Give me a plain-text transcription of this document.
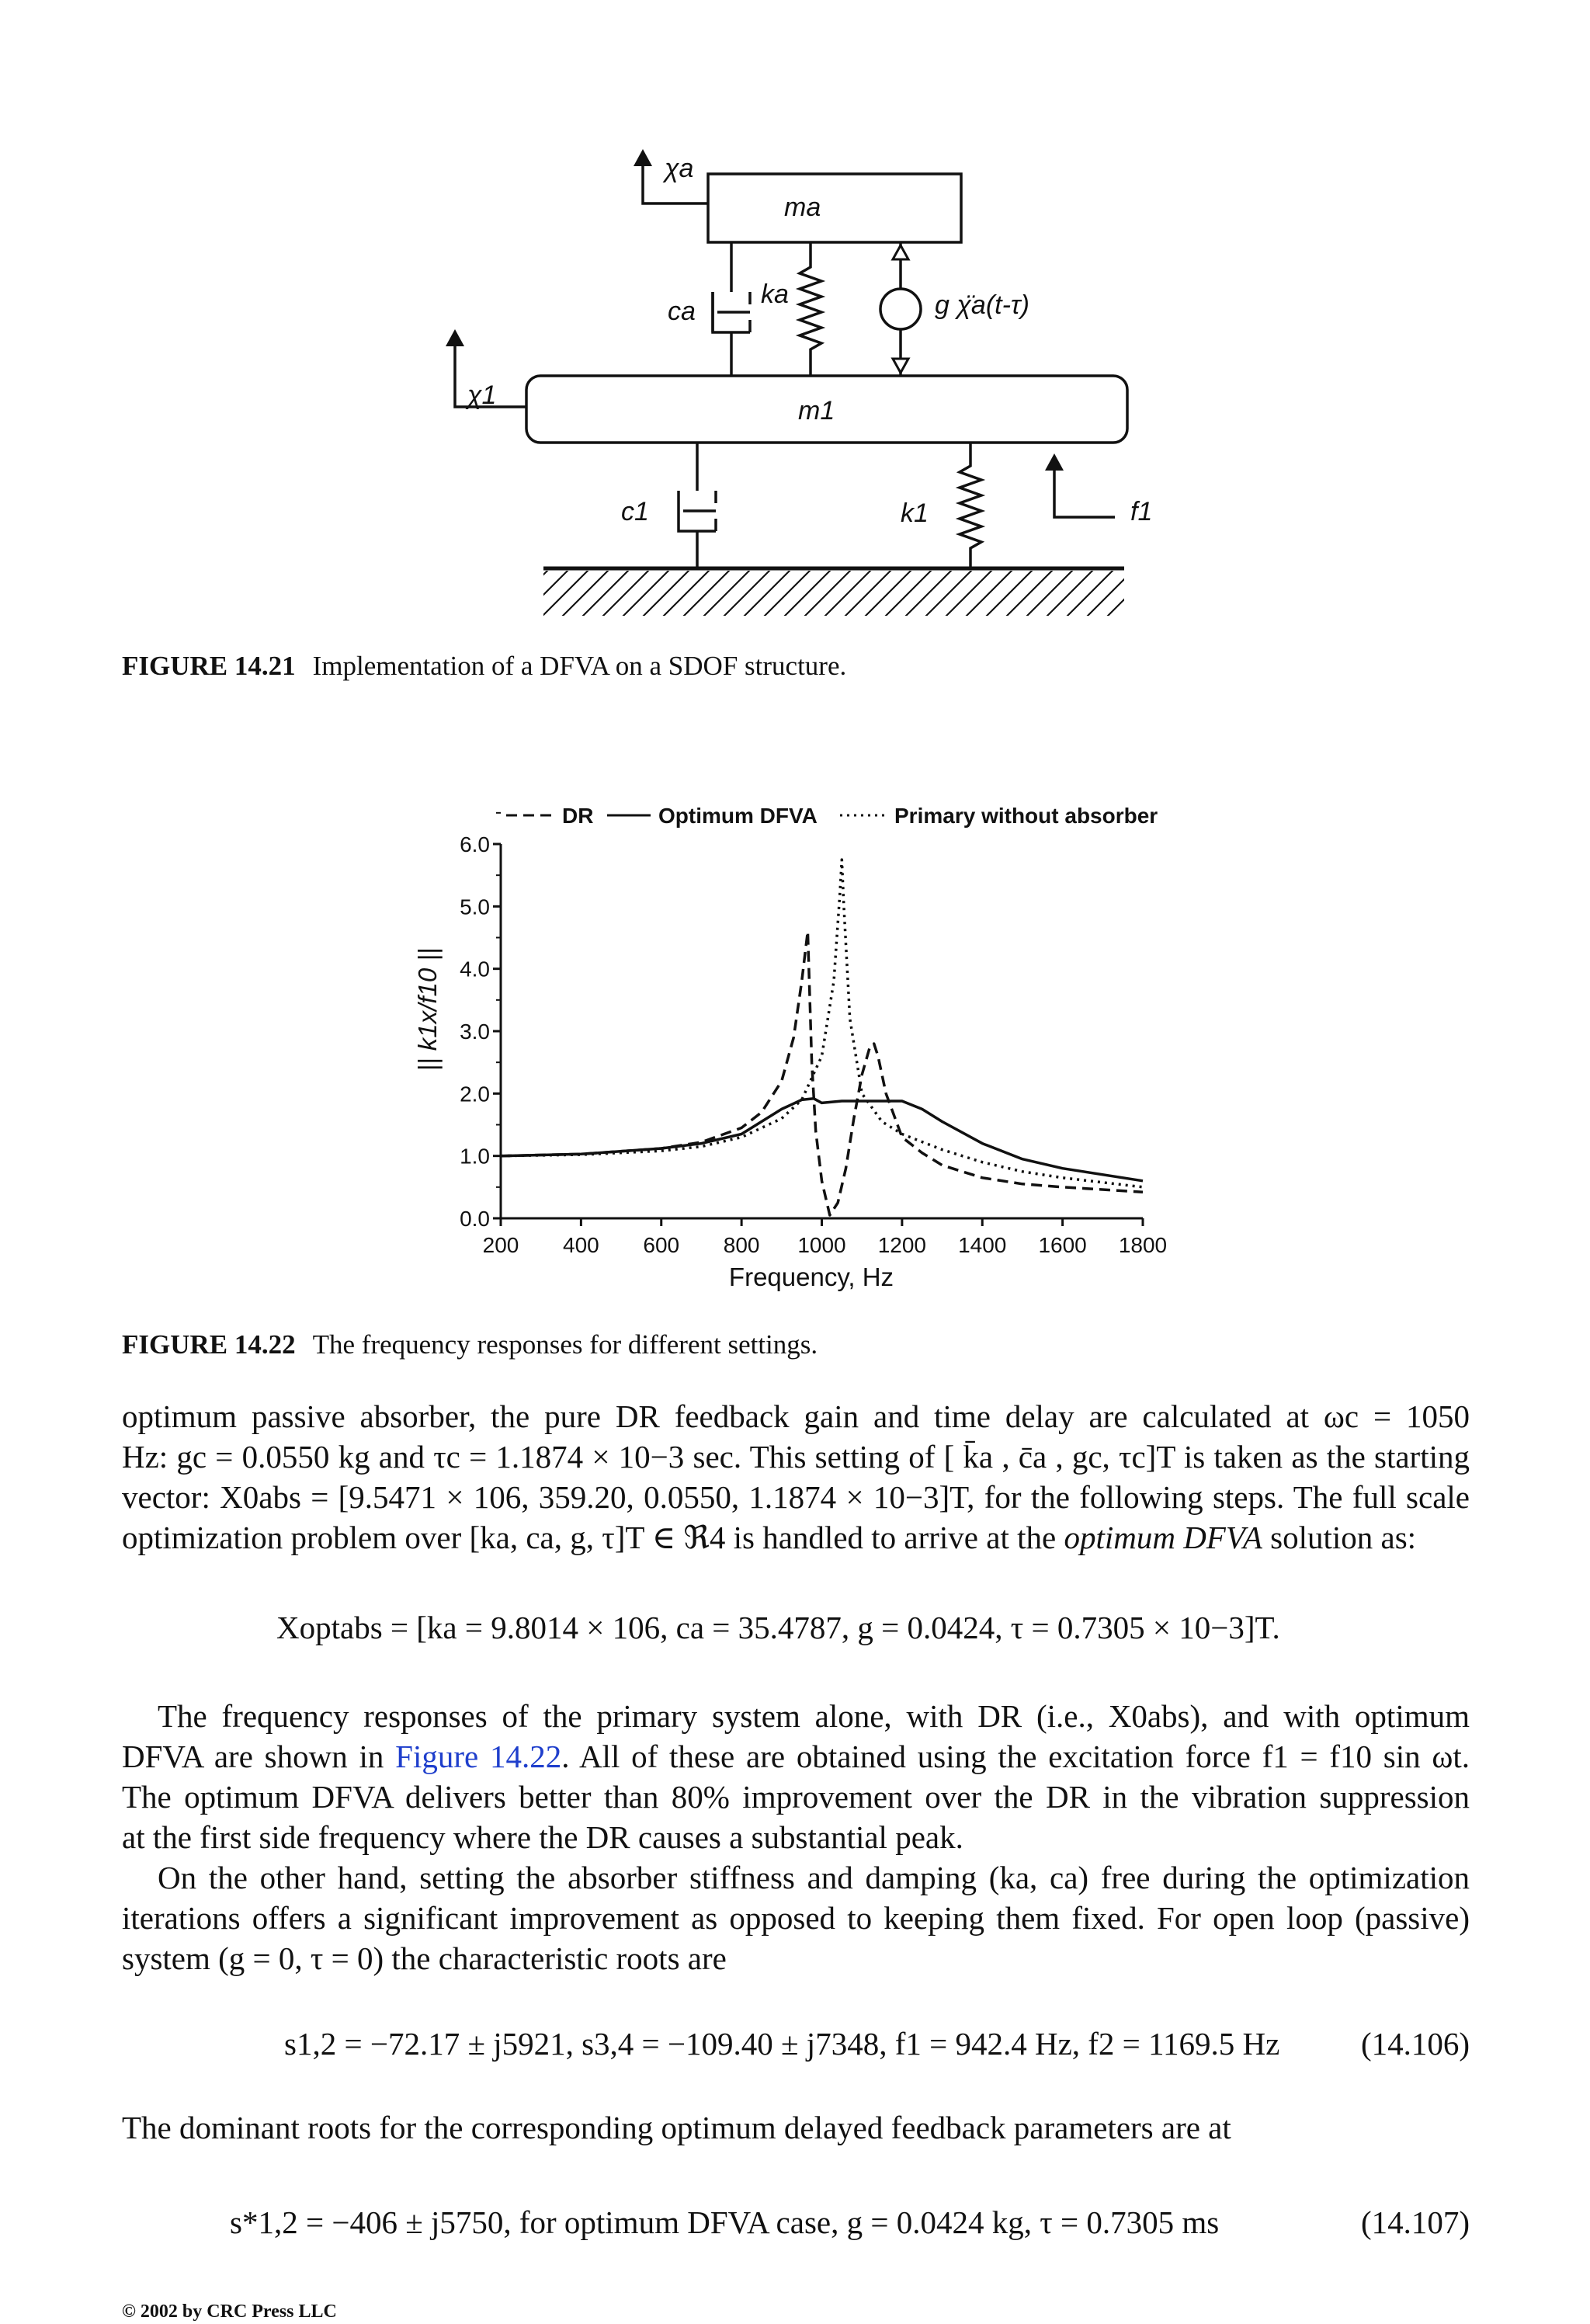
χa
ma
ca
ka	g χ̈a(t-τ)
χ1
m1
c1	k1	f1
FIGURE 14.21 Implementation of a DFVA on a SDOF structure.
0.0
1.0
2.0
3.0
4.0
5.0
6.0
200 400 600 800 1000 1200 1400 1600 1800
DR	Optimum DFVA	Primary without absorber
Frequency, Hz
|| k1x/f10 ||
FIGURE 14.22 The frequency responses for different settings.
optimum passive absorber, the pure DR feedback gain and time delay are calculated at ωc = 1050
Hz: gc = 0.0550 kg and τc = 1.1874 × 10−3 sec. This setting of [ k̄a , c̄a , gc, τc]T is taken as the starting
vector: X0abs = [9.5471 × 106, 359.20, 0.0550, 1.1874 × 10−3]T, for the following steps. The full scale
optimization problem over [ka, ca, g, τ]T ∈ ℜ4 is handled to arrive at the optimum DFVA solution as:
Xoptabs = [ka = 9.8014 × 106, ca = 35.4787, g = 0.0424, τ = 0.7305 × 10−3]T.
The frequency responses of the primary system alone, with DR (i.e., X0abs), and with optimum
DFVA are shown in Figure 14.22. All of these are obtained using the excitation force f1 = f10 sin ωt.
The optimum DFVA delivers better than 80% improvement over the DR in the vibration suppression
at the first side frequency where the DR causes a substantial peak.
On the other hand, setting the absorber stiffness and damping (ka, ca) free during the optimization
iterations offers a significant improvement as opposed to keeping them fixed. For open loop (passive)
system (g = 0, τ = 0) the characteristic roots are
s1,2 = −72.17 ± j5921, s3,4 = −109.40 ± j7348, f1 = 942.4 Hz, f2 = 1169.5 Hz	(14.106)
The dominant roots for the corresponding optimum delayed feedback parameters are at
s*1,2 = −406 ± j5750, for optimum DFVA case, g = 0.0424 kg, τ = 0.7305 ms	(14.107)
© 2002 by CRC Press LLC
